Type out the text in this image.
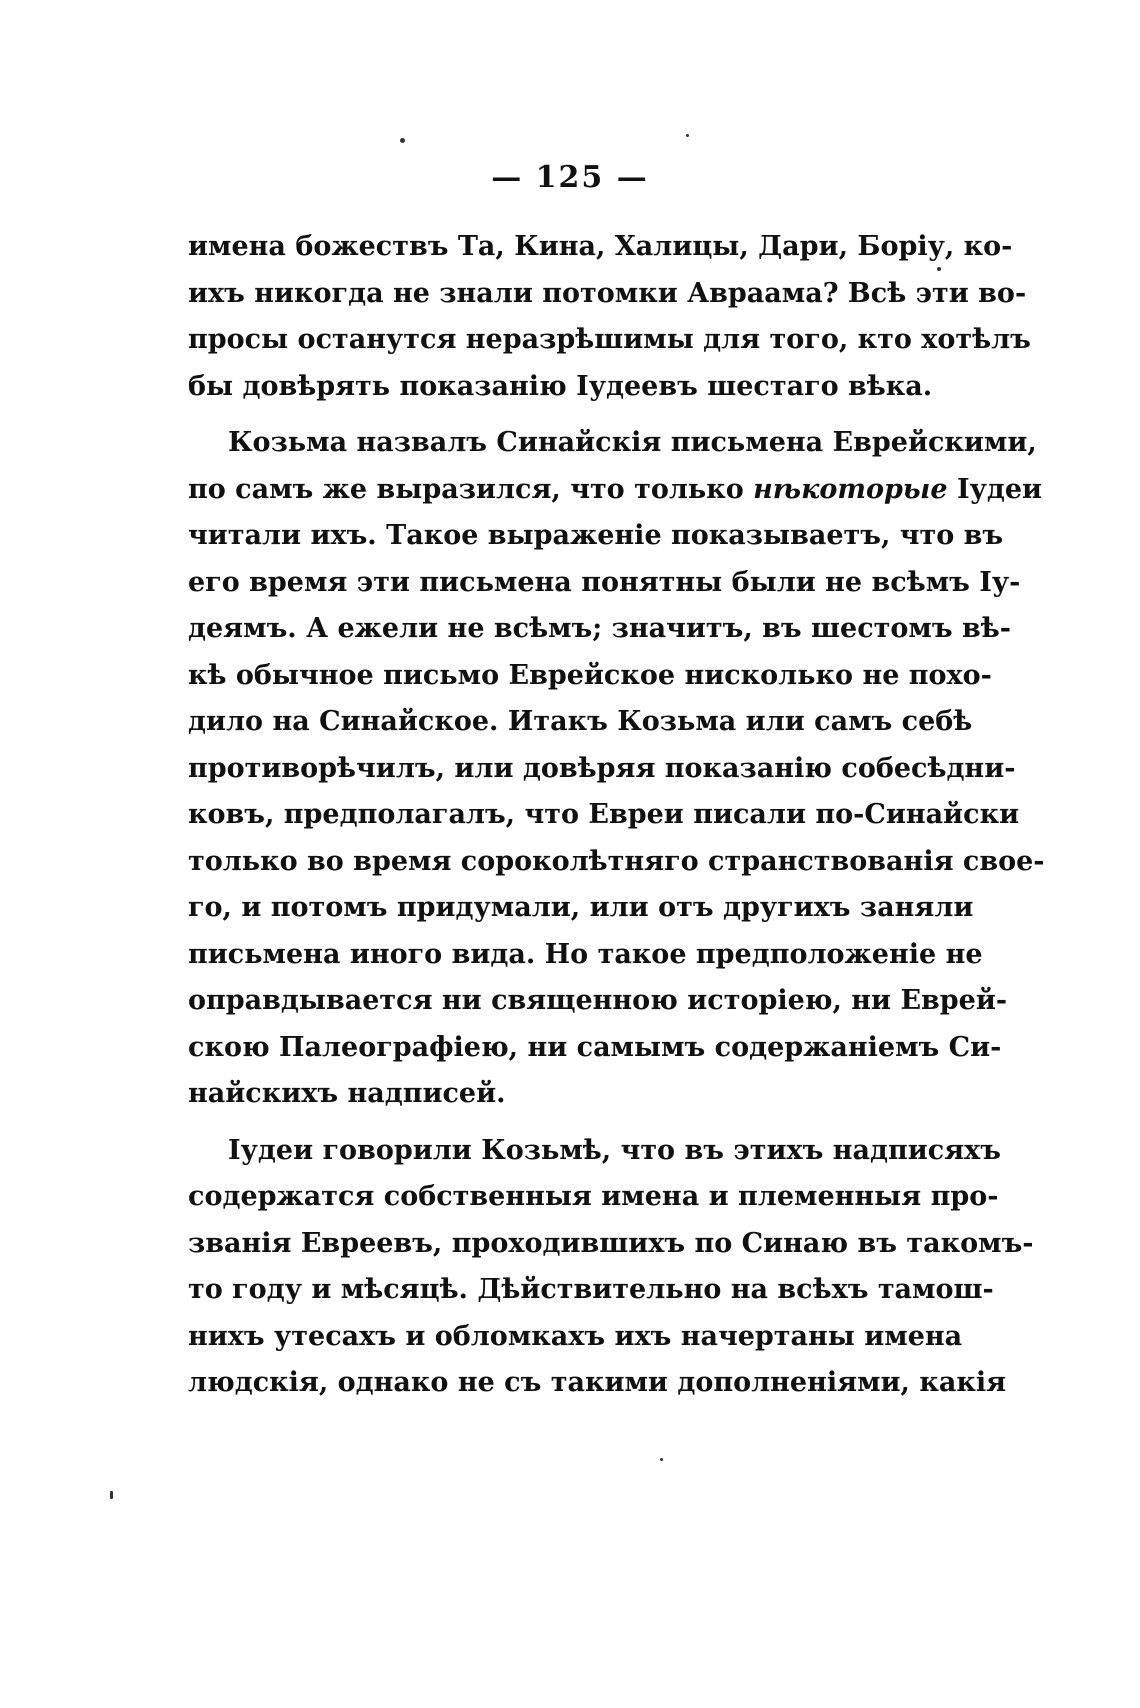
— 125 —
имена божествъ Та, Кина, Халицы, Дари, Боріу, ко-
ихъ никогда не знали потомки Авраама? Всѣ эти во-
просы останутся неразрѣшимы для того, кто хотѣлъ
бы довѣрять показанію Іудеевъ шестаго вѣка.
Козьма назвалъ Синайскія письмена Еврейскими,
по самъ же выразился, что только нѣкоторые Іудеи
читали ихъ. Такое выраженіе показываетъ, что въ
его время эти письмена понятны были не всѣмъ Іу-
деямъ. А ежели не всѣмъ; значитъ, въ шестомъ вѣ-
кѣ обычное письмо Еврейское нисколько не похо-
дило на Синайское. Итакъ Козьма или самъ себѣ
противорѣчилъ, или довѣряя показанію собесѣдни-
ковъ, предполагалъ, что Евреи писали по-Синайски
только во время сороколѣтняго странствованія свое-
го, и потомъ придумали, или отъ другихъ заняли
письмена иного вида. Но такое предположеніе не
оправдывается ни священною исторіею, ни Еврей-
скою Палеографіею, ни самымъ содержаніемъ Си-
найскихъ надписей.
Іудеи говорили Козьмѣ, что въ этихъ надписяхъ
содержатся собственныя имена и племенныя про-
званія Евреевъ, проходившихъ по Синаю въ такомъ-
то году и мѣсяцѣ. Дѣйствительно на всѣхъ тамош-
нихъ утесахъ и обломкахъ ихъ начертаны имена
людскія, однако не съ такими дополненіями, какія
